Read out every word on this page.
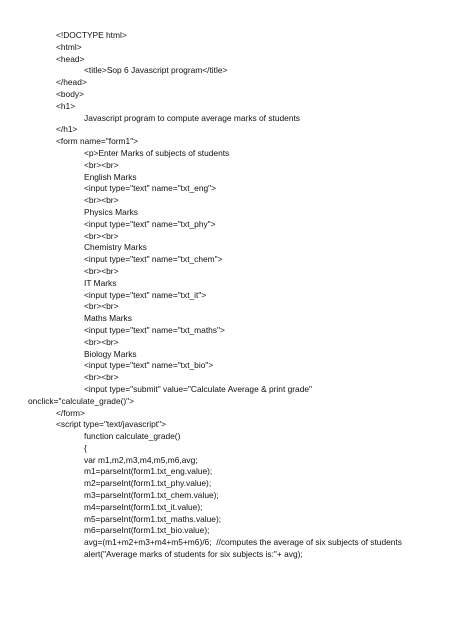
<!DOCTYPE html>
<html>
<head>
<title>Sop 6 Javascript program</title>
</head>
<body>
<h1>
Javascript program to compute average marks of students
</h1>
<form name="form1">
<p>Enter Marks of subjects of students
<br><br>
English Marks
<input type="text" name="txt_eng">
<br><br>
Physics Marks
<input type="text" name="txt_phy">
<br><br>
Chemistry Marks
<input type="text" name="txt_chem">
<br><br>
IT Marks
<input type="text" name="txt_it">
<br><br>
Maths Marks
<input type="text" name="txt_maths">
<br><br>
Biology Marks
<input type="text" name="txt_bio">
<br><br>
<input type="submit" value="Calculate Average & print grade"
onclick="calculate_grade()">
</form>
<script type="text/javascript">
function calculate_grade()
{
var m1,m2,m3,m4,m5,m6,avg;
m1=parseInt(form1.txt_eng.value);
m2=parseInt(form1.txt_phy.value);
m3=parseInt(form1.txt_chem.value);
m4=parseInt(form1.txt_it.value);
m5=parseInt(form1.txt_maths.value);
m6=parseInt(form1.txt_bio.value);
avg=(m1+m2+m3+m4+m5+m6)/6;  //computes the average of six subjects of students
alert("Average marks of students for six subjects is:"+ avg);
